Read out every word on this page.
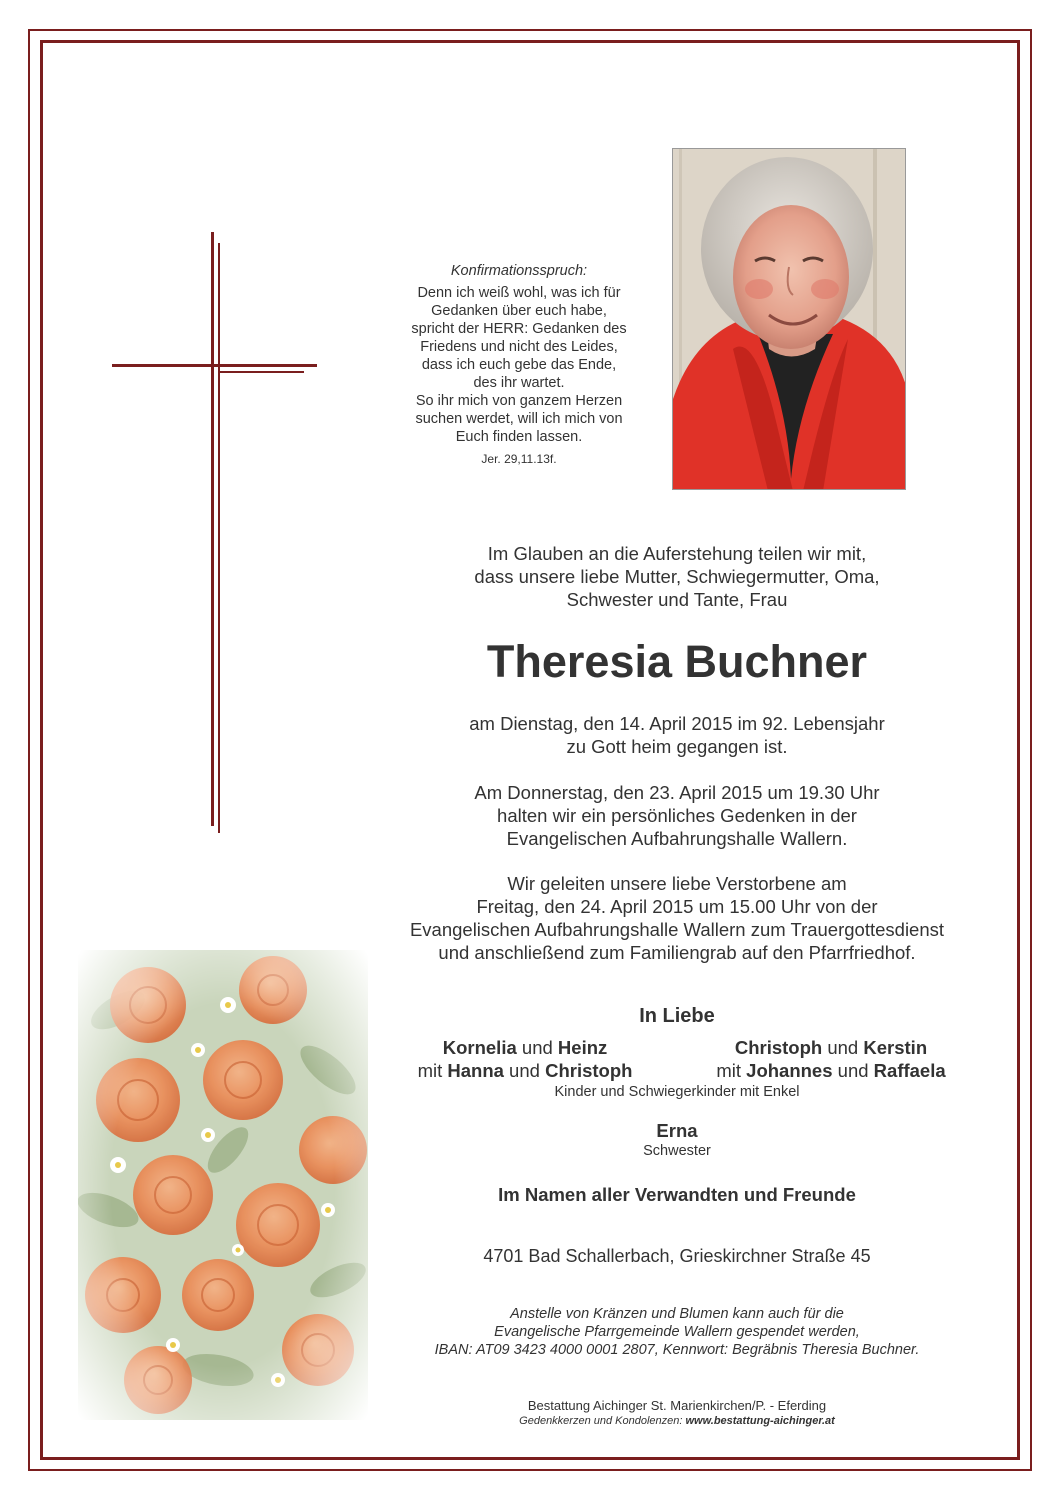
Konfirmationsspruch:
Denn ich weiß wohl, was ich für
Gedanken über euch habe,
spricht der HERR: Gedanken des
Friedens und nicht des Leides,
dass ich euch gebe das Ende,
des ihr wartet.
So ihr mich von ganzem Herzen
suchen werdet, will ich mich von
Euch finden lassen.
Jer. 29,11.13f.
Im Glauben an die Auferstehung teilen wir mit,
dass unsere liebe Mutter, Schwiegermutter, Oma,
Schwester und Tante, Frau
Theresia Buchner
am Dienstag, den 14. April 2015 im 92. Lebensjahr
zu Gott heim gegangen ist.
Am Donnerstag, den 23. April 2015 um 19.30 Uhr
halten wir ein persönliches Gedenken in der
Evangelischen Aufbahrungshalle Wallern.
Wir geleiten unsere liebe Verstorbene am
Freitag, den 24. April 2015 um 15.00 Uhr von der
Evangelischen Aufbahrungshalle Wallern zum Trauergottesdienst
und anschließend zum Familiengrab auf den Pfarrfriedhof.
In Liebe
Kornelia und Heinz
mit Hanna und Christoph
Christoph und Kerstin
mit Johannes und Raffaela
Kinder und Schwiegerkinder mit Enkel
Erna
Schwester
Im Namen aller Verwandten und Freunde
4701 Bad Schallerbach, Grieskirchner Straße 45
Anstelle von Kränzen und Blumen kann auch für die
Evangelische Pfarrgemeinde Wallern gespendet werden,
IBAN: AT09 3423 4000 0001 2807, Kennwort: Begräbnis Theresia Buchner.
Bestattung Aichinger St. Marienkirchen/P. - Eferding
Gedenkkerzen und Kondolenzen: www.bestattung-aichinger.at
